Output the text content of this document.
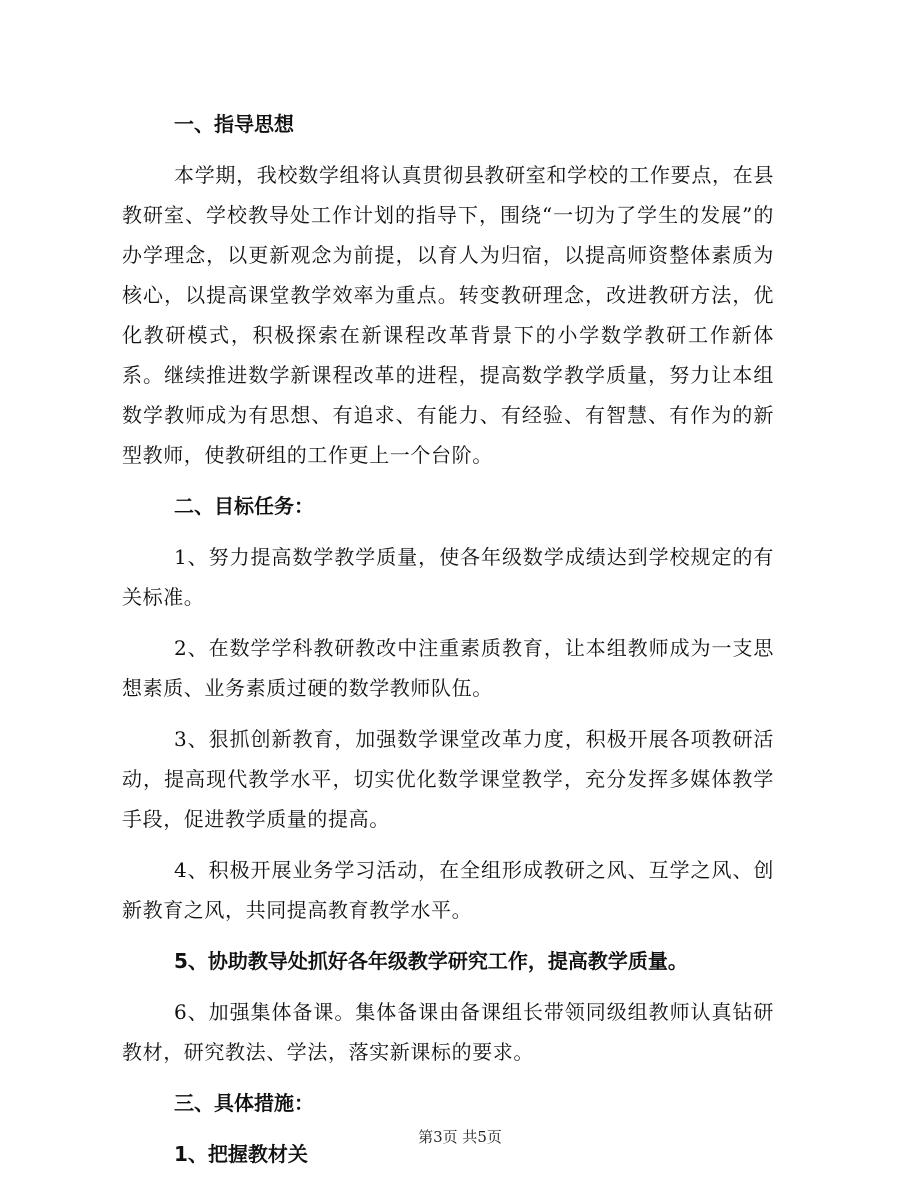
一、指导思想

本学期，我校数学组将认真贯彻县教研室和学校的工作要点，在县教研室、学校教导处工作计划的指导下，围绕“一切为了学生的发展”的办学理念，以更新观念为前提，以育人为归宿，以提高师资整体素质为核心，以提高课堂教学效率为重点。转变教研理念，改进教研方法，优化教研模式，积极探索在新课程改革背景下的小学数学教研工作新体系。继续推进数学新课程改革的进程，提高数学教学质量，努力让本组数学教师成为有思想、有追求、有能力、有经验、有智慧、有作为的新型教师，使教研组的工作更上一个台阶。

二、目标任务：

1、努力提高数学教学质量，使各年级数学成绩达到学校规定的有关标准。

2、在数学学科教研教改中注重素质教育，让本组教师成为一支思想素质、业务素质过硬的数学教师队伍。

3、狠抓创新教育，加强数学课堂改革力度，积极开展各项教研活动，提高现代教学水平，切实优化数学课堂教学，充分发挥多媒体教学手段，促进教学质量的提高。

4、积极开展业务学习活动，在全组形成教研之风、互学之风、创新教育之风，共同提高教育教学水平。

5、协助教导处抓好各年级教学研究工作，提高教学质量。

6、加强集体备课。集体备课由备课组长带领同级组教师认真钻研教材，研究教法、学法，落实新课标的要求。

三、具体措施：
1、把握教材关
第3页 共5页
